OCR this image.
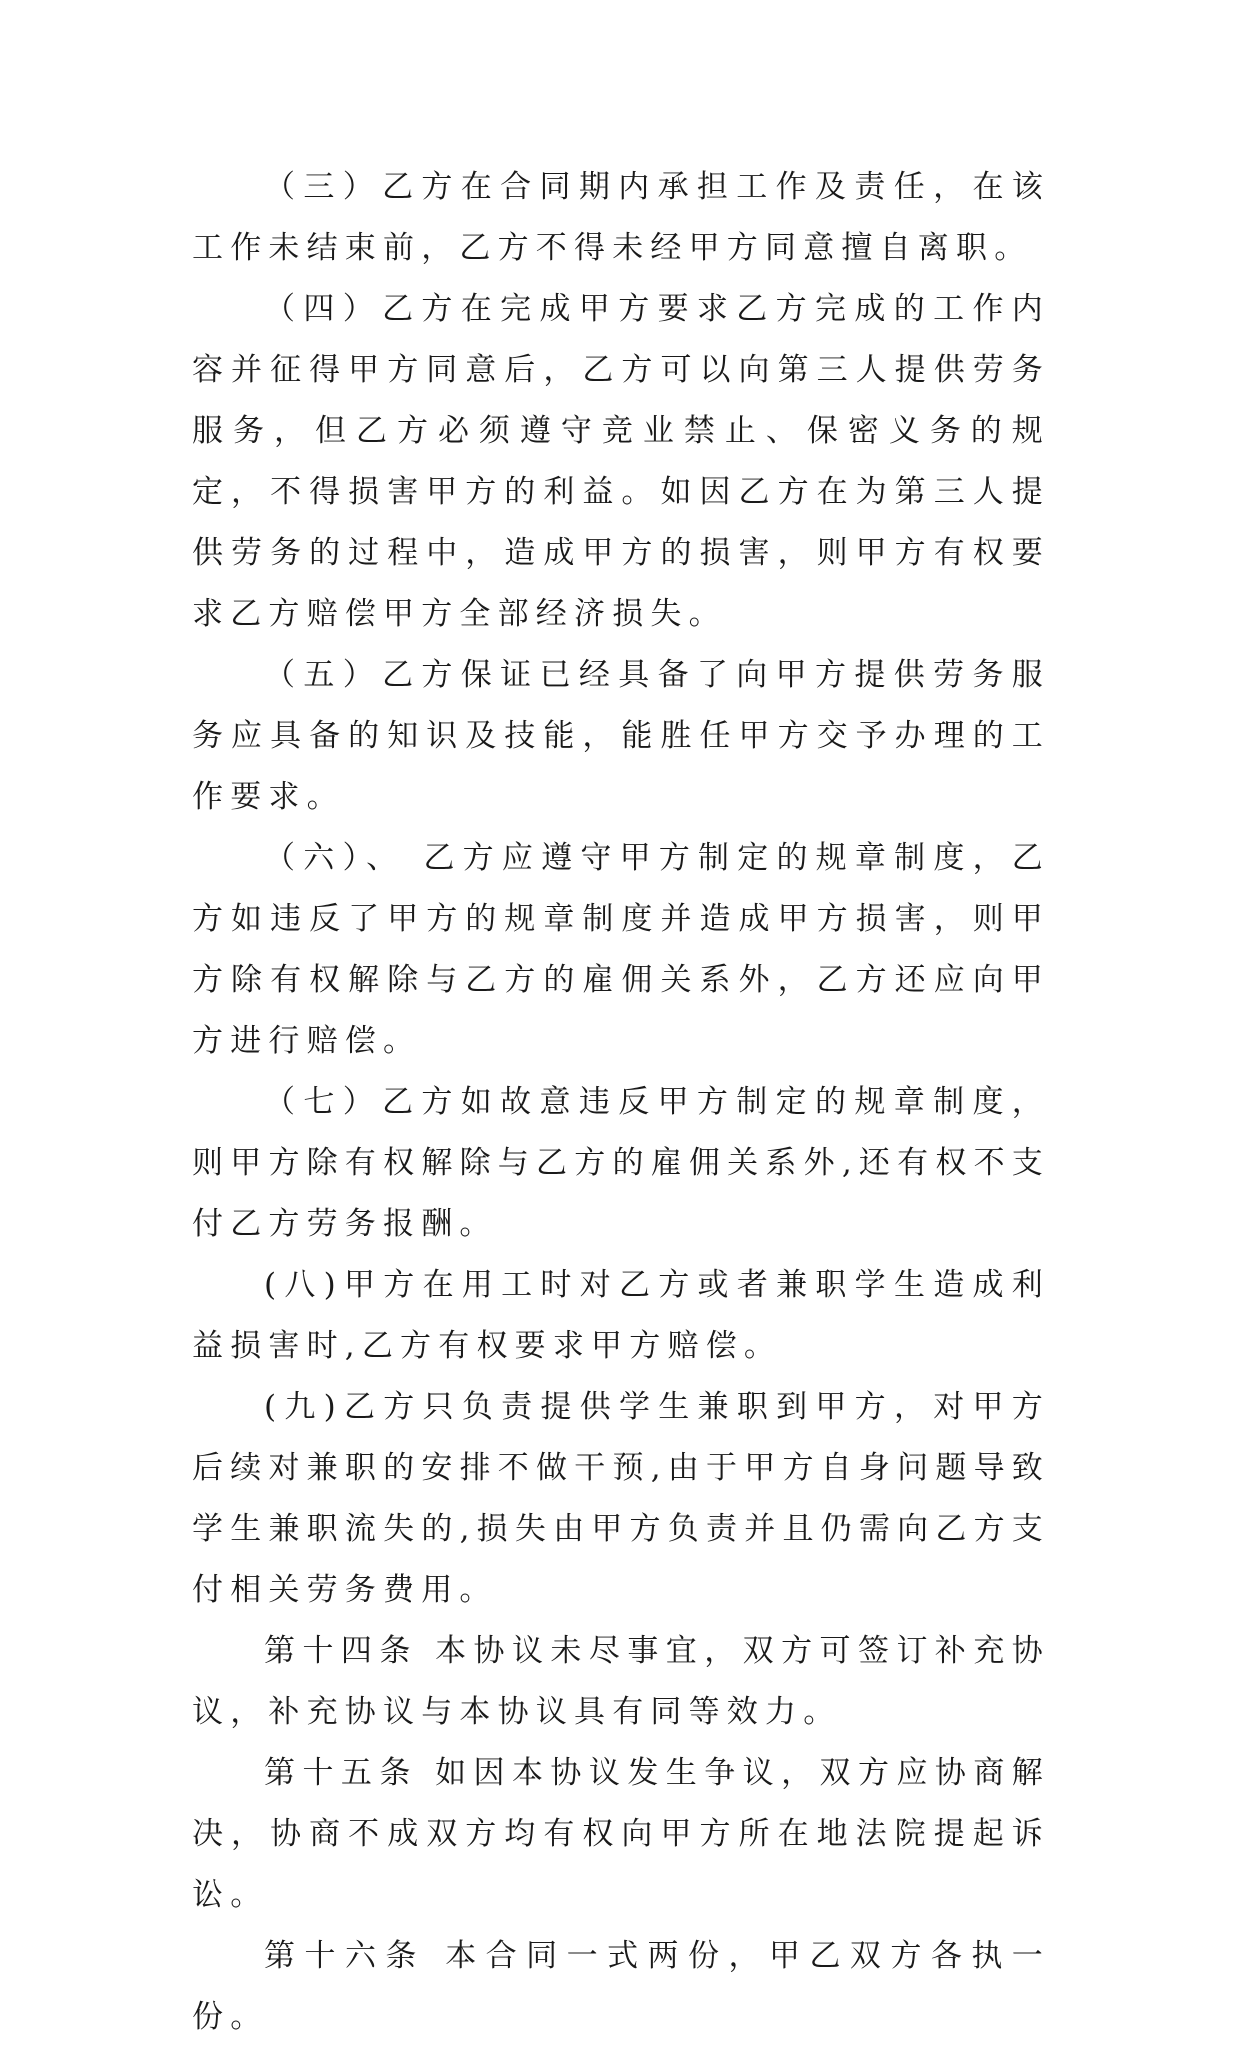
（三）乙方在合同期内承担工作及责任，在该工作未结束前，乙方不得未经甲方同意擅自离职。

（四）乙方在完成甲方要求乙方完成的工作内容并征得甲方同意后，乙方可以向第三人提供劳务服务，但乙方必须遵守竞业禁止、保密义务的规定，不得损害甲方的利益。如因乙方在为第三人提供劳务的过程中，造成甲方的损害，则甲方有权要求乙方赔偿甲方全部经济损失。

（五）乙方保证已经具备了向甲方提供劳务服务应具备的知识及技能，能胜任甲方交予办理的工作要求。

（六）、 乙方应遵守甲方制定的规章制度，乙方如违反了甲方的规章制度并造成甲方损害，则甲方除有权解除与乙方的雇佣关系外，乙方还应向甲方进行赔偿。

（七）乙方如故意违反甲方制定的规章制度，则甲方除有权解除与乙方的雇佣关系外,还有权不支付乙方劳务报酬。

(八)甲方在用工时对乙方或者兼职学生造成利益损害时,乙方有权要求甲方赔偿。

(九)乙方只负责提供学生兼职到甲方，对甲方后续对兼职的安排不做干预,由于甲方自身问题导致学生兼职流失的,损失由甲方负责并且仍需向乙方支付相关劳务费用。

第十四条 本协议未尽事宜，双方可签订补充协议，补充协议与本协议具有同等效力。

第十五条 如因本协议发生争议，双方应协商解决，协商不成双方均有权向甲方所在地法院提起诉讼。

第十六条 本合同一式两份，甲乙双方各执一份。
